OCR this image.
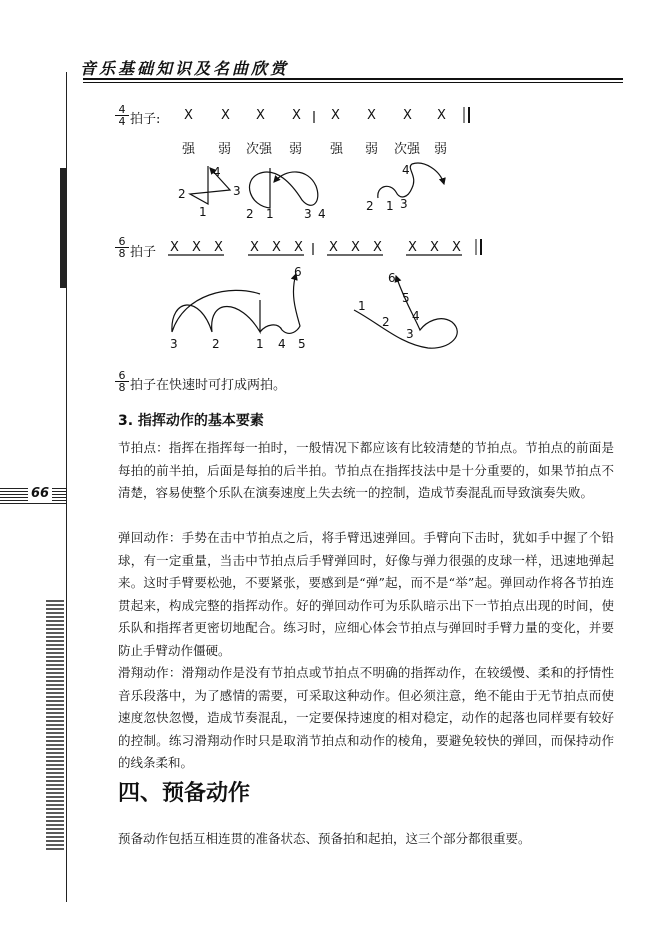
音乐基础知识及名曲欣赏
66
$\frac{4}{4}$ 拍子: X X X X X X X X
强 弱 次强 弱 强 弱 次强 弱
1
2	3
4
2 1	3 4
2 1 3
4
$\frac{6}{8}$ 拍子 X X X X X X X X X X X X
3	2	1 4 5
6
1
2
3
4
5
6
$\frac{6}{8}$ 拍子在快速时可打成两拍。
3. 指挥动作的基本要素
节拍点：指挥在指挥每一拍时，一般情况下都应该有比较清楚的节拍点。节拍点的前面是每拍的前半拍，后面是每拍的后半拍。节拍点在指挥技法中是十分重要的，如果节拍点不清楚，容易使整个乐队在演奏速度上失去统一的控制，造成节奏混乱而导致演奏失败。
弹回动作：手势在击中节拍点之后，将手臂迅速弹回。手臂向下击时，犹如手中握了个铅球，有一定重量，当击中节拍点后手臂弹回时，好像与弹力很强的皮球一样，迅速地弹起来。这时手臂要松弛，不要紧张，要感到是“弹”起，而不是“举”起。弹回动作将各节拍连贯起来，构成完整的指挥动作。好的弹回动作可为乐队暗示出下一节拍点出现的时间，使乐队和指挥者更密切地配合。练习时，应细心体会节拍点与弹回时手臂力量的变化，并要防止手臂动作僵硬。
滑翔动作：滑翔动作是没有节拍点或节拍点不明确的指挥动作，在较缓慢、柔和的抒情性音乐段落中，为了感情的需要，可采取这种动作。但必须注意，绝不能由于无节拍点而使速度忽快忽慢，造成节奏混乱，一定要保持速度的相对稳定，动作的起落也同样要有较好的控制。练习滑翔动作时只是取消节拍点和动作的棱角，要避免较快的弹回，而保持动作的线条柔和。
四、预备动作
预备动作包括互相连贯的准备状态、预备拍和起拍，这三个部分都很重要。
